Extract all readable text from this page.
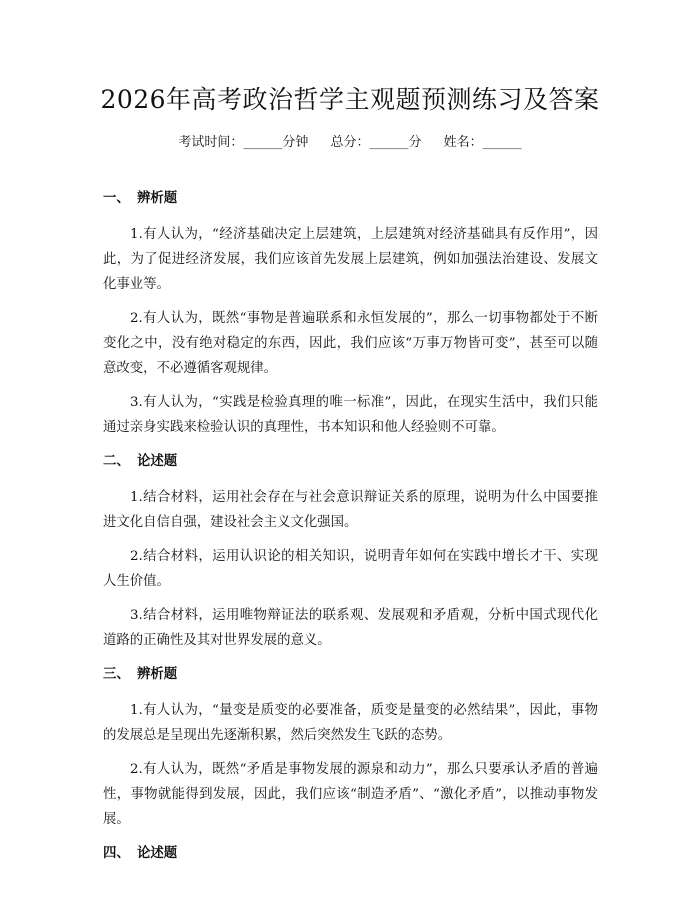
2026年高考政治哲学主观题预测练习及答案
考试时间：______分钟 总分：______分 姓名：______
一、 辨析题

1.有人认为，“经济基础决定上层建筑，上层建筑对经济基础具有反作用”，因此，为了促进经济发展，我们应该首先发展上层建筑，例如加强法治建设、发展文化事业等。

2.有人认为，既然“事物是普遍联系和永恒发展的”，那么一切事物都处于不断变化之中，没有绝对稳定的东西，因此，我们应该“万事万物皆可变”，甚至可以随意改变，不必遵循客观规律。

3.有人认为，“实践是检验真理的唯一标准”，因此，在现实生活中，我们只能通过亲身实践来检验认识的真理性，书本知识和他人经验则不可靠。

二、 论述题

1.结合材料，运用社会存在与社会意识辩证关系的原理，说明为什么中国要推进文化自信自强，建设社会主义文化强国。

2.结合材料，运用认识论的相关知识，说明青年如何在实践中增长才干、实现人生价值。

3.结合材料，运用唯物辩证法的联系观、发展观和矛盾观，分析中国式现代化道路的正确性及其对世界发展的意义。

三、 辨析题

1.有人认为，“量变是质变的必要准备，质变是量变的必然结果”，因此，事物的发展总是呈现出先逐渐积累，然后突然发生飞跃的态势。

2.有人认为，既然“矛盾是事物发展的源泉和动力”，那么只要承认矛盾的普遍性，事物就能得到发展，因此，我们应该“制造矛盾”、“激化矛盾”，以推动事物发展。

四、 论述题
